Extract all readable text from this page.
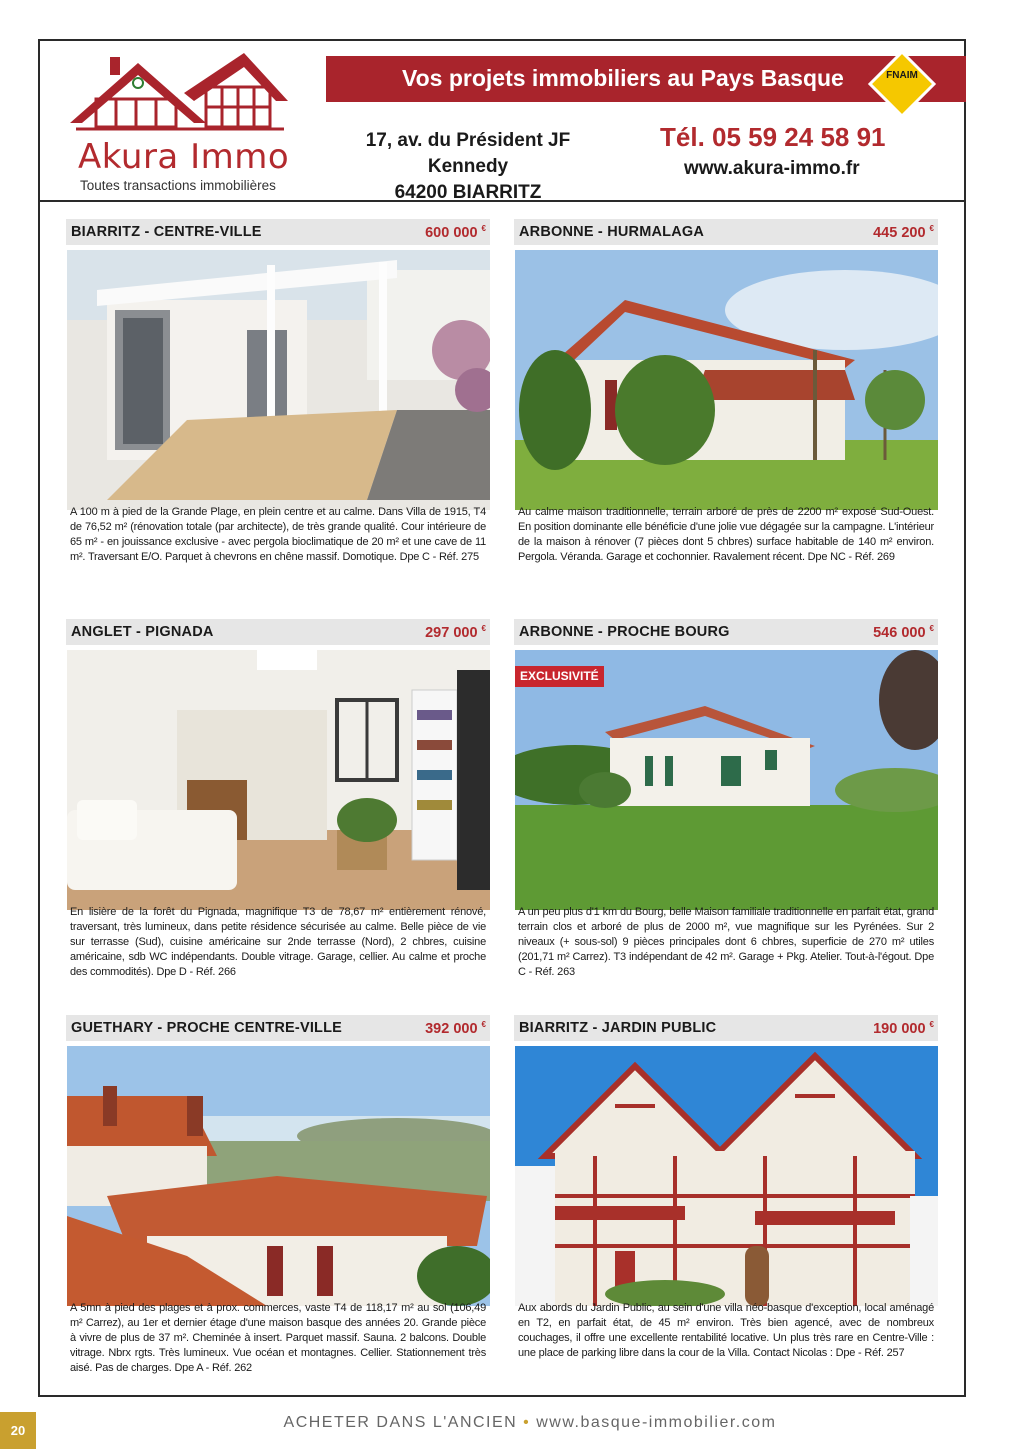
Akura Immo
Toutes transactions immobilières
Vos projets immobiliers au Pays Basque	FNAIM
17, av. du Président JF Kennedy
64200 BIARRITZ
Tél. 05 59 24 58 91
www.akura-immo.fr
BIARRITZ - CENTRE-VILLE	600 000 €
A 100 m à pied de la Grande Plage, en plein centre et au calme. Dans Villa de 1915, T4 de 76,52 m² (rénovation totale (par architecte), de très grande qualité. Cour intérieure de 65 m² - en jouissance exclusive - avec pergola bioclimatique de 20 m² et une cave de 11 m². Traversant E/O. Parquet à chevrons en chêne massif. Domotique. Dpe C - Réf. 275
ARBONNE - HURMALAGA	445 200 €
Au calme maison traditionnelle, terrain arboré de près de 2200 m² exposé Sud-Ouest. En position dominante elle bénéficie d'une jolie vue dégagée sur la campagne. L'intérieur de la maison à rénover (7 pièces dont 5 chbres) surface habitable de 140 m² environ. Pergola. Véranda. Garage et cochonnier. Ravalement récent. Dpe NC - Réf. 269
ANGLET - PIGNADA	297 000 €
En lisière de la forêt du Pignada, magnifique T3 de 78,67 m² entièrement rénové, traversant, très lumineux, dans petite résidence sécurisée au calme. Belle pièce de vie sur terrasse (Sud), cuisine américaine sur 2nde terrasse (Nord), 2 chbres, cuisine américaine, sdb WC indépendants. Double vitrage. Garage, cellier. Au calme et proche des commodités). Dpe D - Réf. 266
ARBONNE - PROCHE BOURG	546 000 €
EXCLUSIVITÉ
A un peu plus d'1 km du Bourg, belle Maison familiale traditionnelle en parfait état, grand terrain clos et arboré de plus de 2000 m², vue magnifique sur les Pyrénées. Sur 2 niveaux (+ sous-sol) 9 pièces principales dont 6 chbres, superficie de 270 m² utiles (201,71 m² Carrez). T3 indépendant de 42 m². Garage + Pkg. Atelier. Tout-à-l'égout. Dpe C - Réf. 263
GUETHARY - PROCHE CENTRE-VILLE	392 000 €
A 5mn à pied des plages et à prox. commerces, vaste T4 de 118,17 m² au sol (106,49 m² Carrez), au 1er et dernier étage d'une maison basque des années 20. Grande pièce à vivre de plus de 37 m². Cheminée à insert. Parquet massif. Sauna. 2 balcons. Double vitrage. Nbrx rgts. Très lumineux. Vue océan et montagnes. Cellier. Stationnement très aisé. Pas de charges. Dpe A - Réf. 262
BIARRITZ - JARDIN PUBLIC	190 000 €
Aux abords du Jardin Public, au sein d'une villa néo-basque d'exception, local aménagé en T2, en parfait état, de 45 m² environ. Très bien agencé, avec de nombreux couchages, il offre une excellente rentabilité locative. Un plus très rare en Centre-Ville : une place de parking libre dans la cour de la Villa. Contact Nicolas : Dpe - Réf. 257
20	ACHETER DANS L'ANCIEN • www.basque-immobilier.com
